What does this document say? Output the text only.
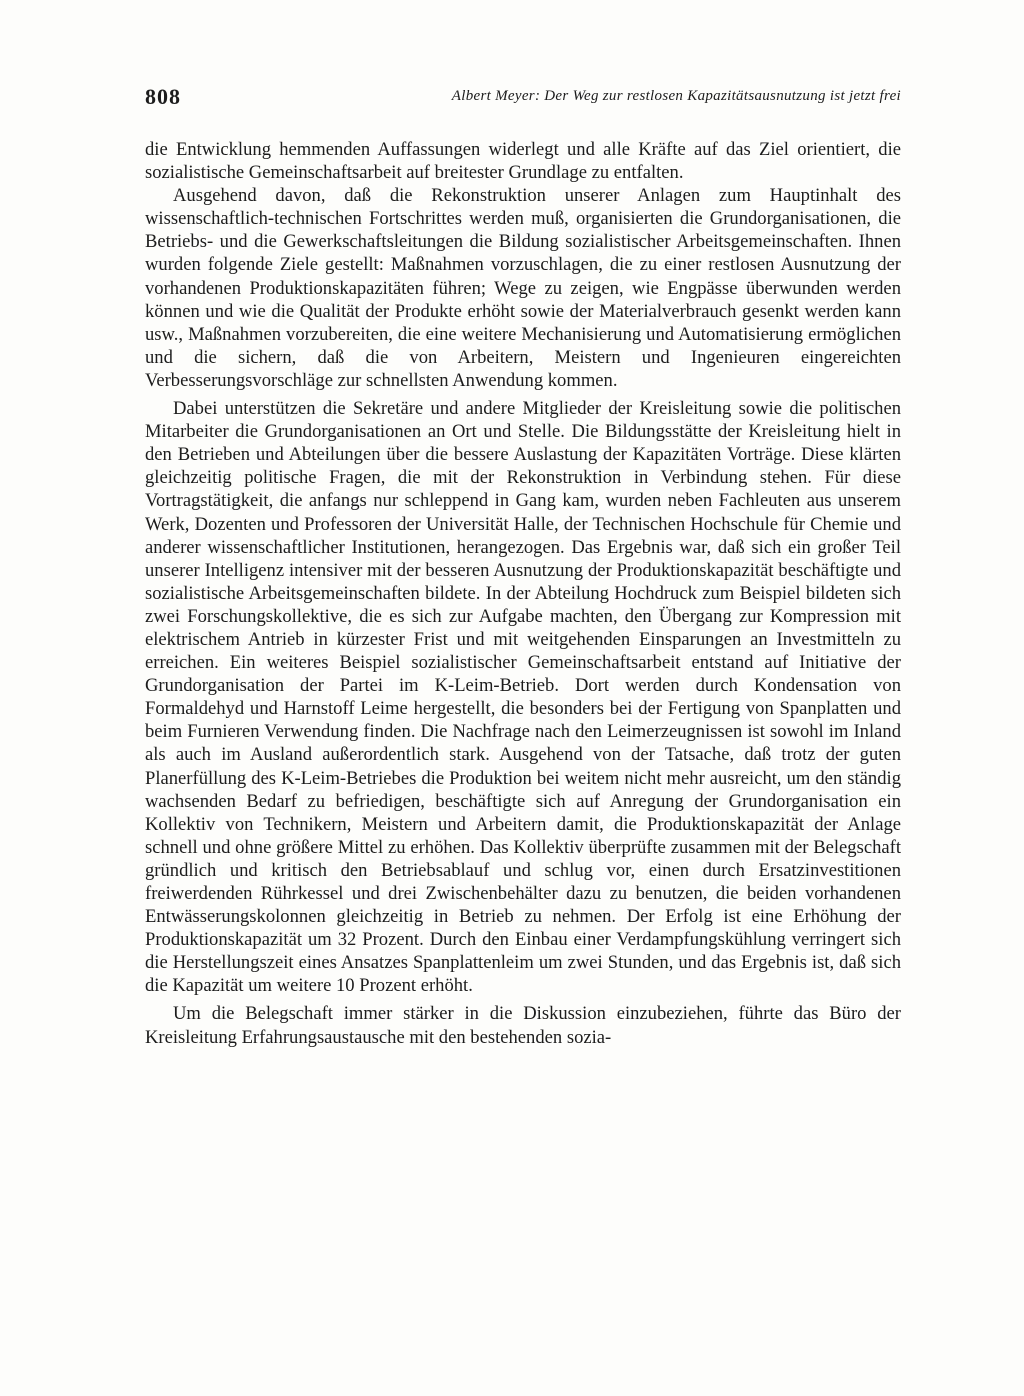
808	Albert Meyer: Der Weg zur restlosen Kapazitätsausnutzung ist jetzt frei

die Entwicklung hemmenden Auffassungen widerlegt und alle Kräfte auf das Ziel orientiert, die sozialistische Gemeinschaftsarbeit auf breitester Grundlage zu entfalten.

Ausgehend davon, daß die Rekonstruktion unserer Anlagen zum Hauptinhalt des wissenschaftlich-technischen Fortschrittes werden muß, organisierten die Grundorganisationen, die Betriebs- und die Gewerkschaftsleitungen die Bildung sozialistischer Arbeitsgemeinschaften. Ihnen wurden folgende Ziele gestellt: Maßnahmen vorzuschlagen, die zu einer restlosen Ausnutzung der vorhandenen Produktionskapazitäten führen; Wege zu zeigen, wie Engpässe überwunden werden können und wie die Qualität der Produkte erhöht sowie der Materialverbrauch gesenkt werden kann usw., Maßnahmen vorzubereiten, die eine weitere Mechanisierung und Automatisierung ermöglichen und die sichern, daß die von Arbeitern, Meistern und Ingenieuren eingereichten Verbesserungsvorschläge zur schnellsten Anwendung kommen.

Dabei unterstützen die Sekretäre und andere Mitglieder der Kreisleitung sowie die politischen Mitarbeiter die Grundorganisationen an Ort und Stelle. Die Bildungsstätte der Kreisleitung hielt in den Betrieben und Abteilungen über die bessere Auslastung der Kapazitäten Vorträge. Diese klärten gleichzeitig politische Fragen, die mit der Rekonstruktion in Verbindung stehen. Für diese Vortragstätigkeit, die anfangs nur schleppend in Gang kam, wurden neben Fachleuten aus unserem Werk, Dozenten und Professoren der Universität Halle, der Technischen Hochschule für Chemie und anderer wissenschaftlicher Institutionen, herangezogen. Das Ergebnis war, daß sich ein großer Teil unserer Intelligenz intensiver mit der besseren Ausnutzung der Produktionskapazität beschäftigte und sozialistische Arbeitsgemeinschaften bildete. In der Abteilung Hochdruck zum Beispiel bildeten sich zwei Forschungskollektive, die es sich zur Aufgabe machten, den Übergang zur Kompression mit elektrischem Antrieb in kürzester Frist und mit weitgehenden Einsparungen an Investmitteln zu erreichen. Ein weiteres Beispiel sozialistischer Gemeinschaftsarbeit entstand auf Initiative der Grundorganisation der Partei im K-Leim-Betrieb. Dort werden durch Kondensation von Formaldehyd und Harnstoff Leime hergestellt, die besonders bei der Fertigung von Spanplatten und beim Furnieren Verwendung finden. Die Nachfrage nach den Leimerzeugnissen ist sowohl im Inland als auch im Ausland außerordentlich stark. Ausgehend von der Tatsache, daß trotz der guten Planerfüllung des K-Leim-Betriebes die Produktion bei weitem nicht mehr ausreicht, um den ständig wachsenden Bedarf zu befriedigen, beschäftigte sich auf Anregung der Grundorganisation ein Kollektiv von Technikern, Meistern und Arbeitern damit, die Produktionskapazität der Anlage schnell und ohne größere Mittel zu erhöhen. Das Kollektiv überprüfte zusammen mit der Belegschaft gründlich und kritisch den Betriebsablauf und schlug vor, einen durch Ersatzinvestitionen freiwerdenden Rührkessel und drei Zwischenbehälter dazu zu benutzen, die beiden vorhandenen Entwässerungskolonnen gleichzeitig in Betrieb zu nehmen. Der Erfolg ist eine Erhöhung der Produktionskapazität um 32 Prozent. Durch den Einbau einer Verdampfungskühlung verringert sich die Herstellungszeit eines Ansatzes Spanplattenleim um zwei Stunden, und das Ergebnis ist, daß sich die Kapazität um weitere 10 Prozent erhöht.

Um die Belegschaft immer stärker in die Diskussion einzubeziehen, führte das Büro der Kreisleitung Erfahrungsaustausche mit den bestehenden sozia-
